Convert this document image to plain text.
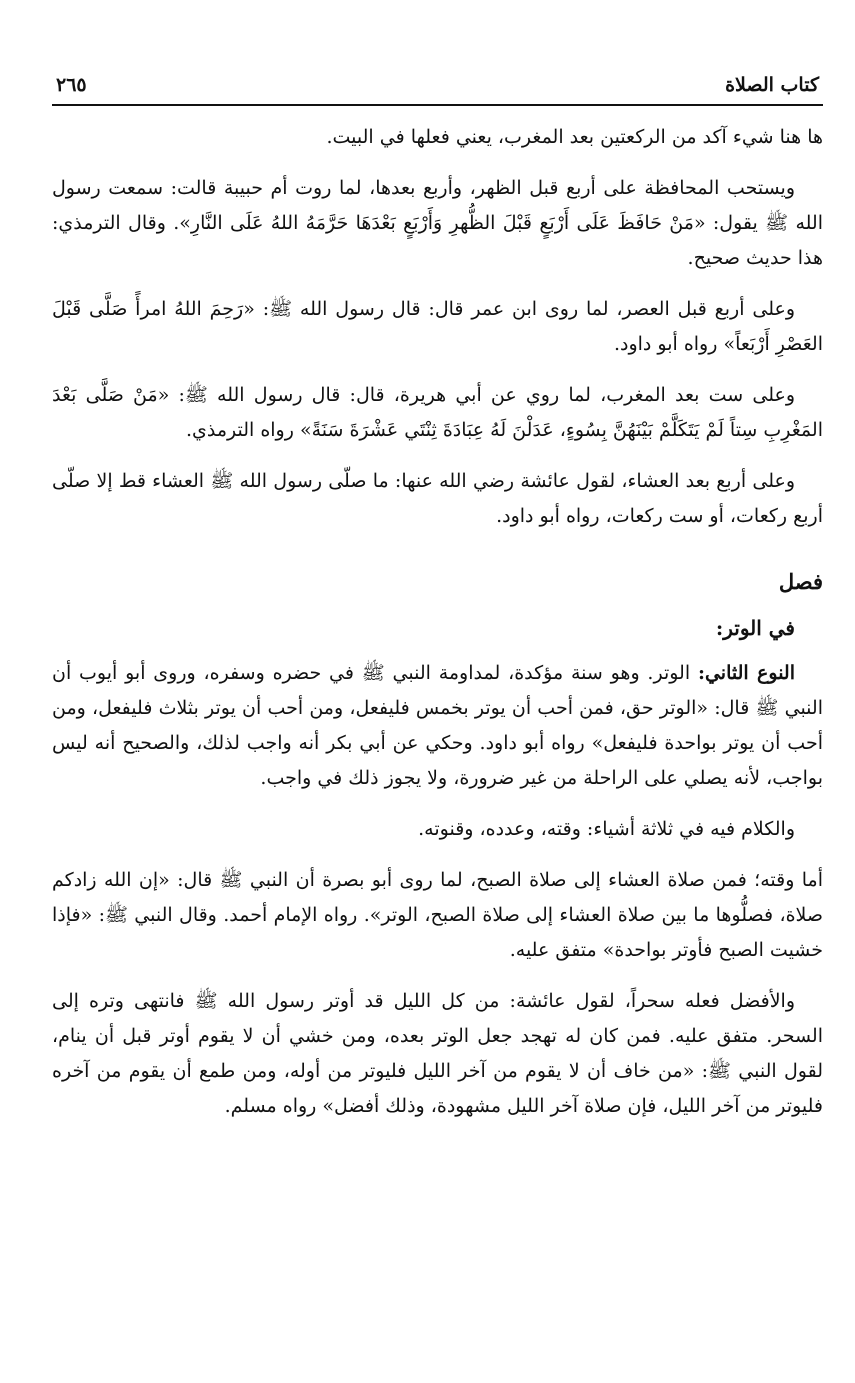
كتاب الصلاة
٢٦٥

ها هنا شيء آكد من الركعتين بعد المغرب، يعني فعلها في البيت.

ويستحب المحافظة على أربع قبل الظهر، وأربع بعدها، لما روت أم حبيبة قالت: سمعت رسول الله ﷺ يقول: «مَنْ حَافَظَ عَلَى أَرْبَعٍ قَبْلَ الظُّهرِ وَأَرْبَعٍ بَعْدَهَا حَرَّمَهُ اللهُ عَلَى النَّارِ». وقال الترمذي: هذا حديث صحيح.

وعلى أربع قبل العصر، لما روى ابن عمر قال: قال رسول الله ﷺ: «رَحِمَ اللهُ امرأً صَلَّى قَبْلَ العَصْرِ أَرْبَعاً» رواه أبو داود.

وعلى ست بعد المغرب، لما روي عن أبي هريرة، قال: قال رسول الله ﷺ: «مَنْ صَلَّى بَعْدَ المَغْرِبِ سِتاً لَمْ يَتَكَلَّمْ بَيْنَهُنَّ بِسُوءٍ، عَدَلْنَ لَهُ عِبَادَةَ ثِنْتَي عَشْرَةَ سَنَةً» رواه الترمذي.

وعلى أربع بعد العشاء، لقول عائشة رضي الله عنها: ما صلّى رسول الله ﷺ العشاء قط إلا صلّى أربع ركعات، أو ست ركعات، رواه أبو داود.

فصل
في الوتر:

النوع الثاني: الوتر. وهو سنة مؤكدة، لمداومة النبي ﷺ في حضره وسفره، وروى أبو أيوب أن النبي ﷺ قال: «الوتر حق، فمن أحب أن يوتر بخمس فليفعل، ومن أحب أن يوتر بثلاث فليفعل، ومن أحب أن يوتر بواحدة فليفعل» رواه أبو داود. وحكي عن أبي بكر أنه واجب لذلك، والصحيح أنه ليس بواجب، لأنه يصلي على الراحلة من غير ضرورة، ولا يجوز ذلك في واجب.

والكلام فيه في ثلاثة أشياء: وقته، وعدده، وقنوته.

أما وقته؛ فمن صلاة العشاء إلى صلاة الصبح، لما روى أبو بصرة أن النبي ﷺ قال: «إن الله زادكم صلاة، فصلُّوها ما بين صلاة العشاء إلى صلاة الصبح، الوتر». رواه الإمام أحمد. وقال النبي ﷺ: «فإذا خشيت الصبح فأوتر بواحدة» متفق عليه.

والأفضل فعله سحراً، لقول عائشة: من كل الليل قد أوتر رسول الله ﷺ فانتهى وتره إلى السحر. متفق عليه. فمن كان له تهجد جعل الوتر بعده، ومن خشي أن لا يقوم أوتر قبل أن ينام، لقول النبي ﷺ: «من خاف أن لا يقوم من آخر الليل فليوتر من أوله، ومن طمع أن يقوم من آخره فليوتر من آخر الليل، فإن صلاة آخر الليل مشهودة، وذلك أفضل» رواه مسلم.
